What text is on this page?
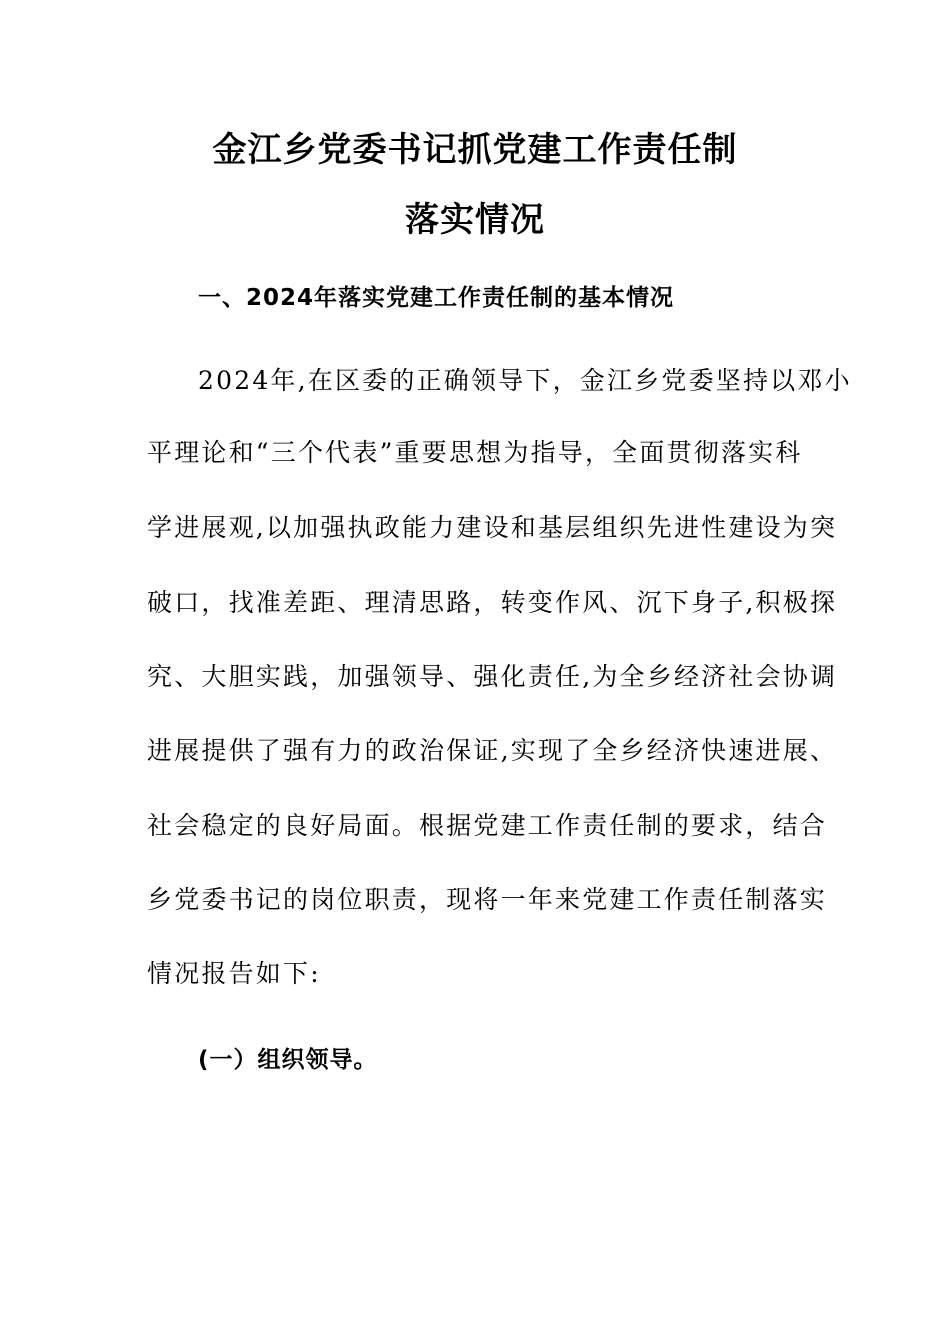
金江乡党委书记抓党建工作责任制
落实情况
一、2024年落实党建工作责任制的基本情况
2024年,在区委的正确领导下，金江乡党委坚持以邓小
平理论和“三个代表”重要思想为指导，全面贯彻落实科
学进展观,以加强执政能力建设和基层组织先进性建设为突
破口，找准差距、理清思路，转变作风、沉下身子,积极探
究、大胆实践，加强领导、强化责任,为全乡经济社会协调
进展提供了强有力的政治保证,实现了全乡经济快速进展、
社会稳定的良好局面。根据党建工作责任制的要求，结合
乡党委书记的岗位职责，现将一年来党建工作责任制落实
情况报告如下:
(一）组织领导。
